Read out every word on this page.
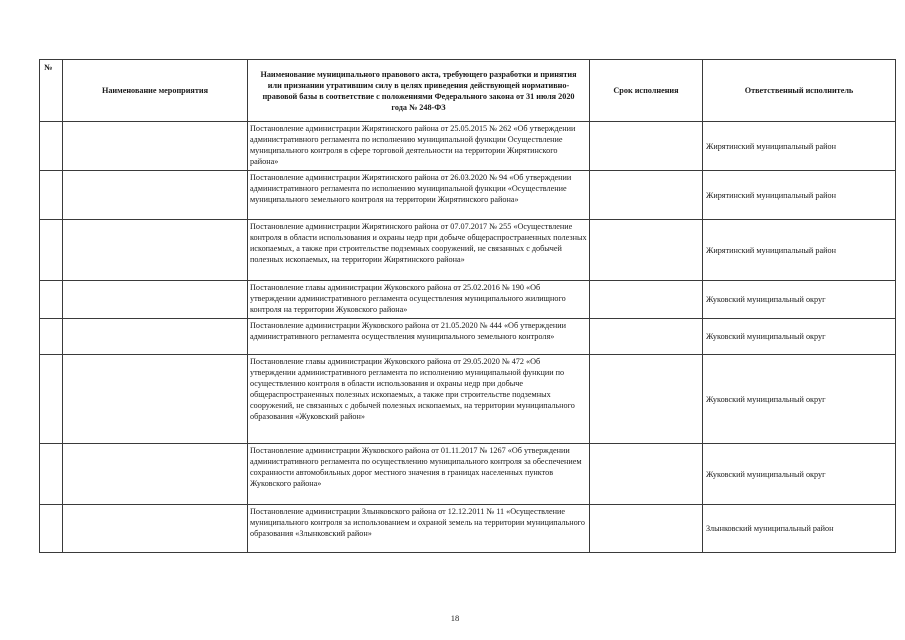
№	Наименование мероприятия	Наименование муниципального правового акта, требующего разработки и принятия или признании утратившим силу в целях приведения действующей нормативно-правовой базы в соответствие с положениями Федерального закона от 31 июля 2020 года № 248-ФЗ	Срок исполнения	Ответственный исполнитель
		Постановление администрации Жирятинского района от 25.05.2015 № 262 «Об утверждении административного регламента по исполнению муниципальной функции Осуществление муниципального контроля в сфере торговой деятельности на территории Жирятинского района»		Жирятинский муниципальный район
		Постановление администрации Жирятинского района от 26.03.2020 № 94 «Об утверждении административного регламента по исполнению муниципальной функции «Осуществление муниципального земельного контроля на территории Жирятинского района»		Жирятинский муниципальный район
		Постановление администрации Жирятинского района от 07.07.2017 № 255 «Осуществление контроля в области использования и охраны недр при добыче общераспространенных полезных ископаемых, а также при строительстве подземных сооружений, не связанных с добычей полезных ископаемых, на территории Жирятинского района»		Жирятинский муниципальный район
		Постановление главы администрации Жуковского района от 25.02.2016 № 190 «Об утверждении административного регламента осуществления муниципального жилищного контроля на территории Жуковского района»		Жуковский муниципальный округ
		Постановление администрации Жуковского района от 21.05.2020 № 444 «Об утверждении административного регламента осуществления муниципального земельного контроля»		Жуковский муниципальный округ
		Постановление главы администрации Жуковского района от 29.05.2020 № 472 «Об утверждении административного регламента по исполнению муниципальной функции по осуществлению контроля в области использования и охраны недр при добыче общераспространенных полезных ископаемых, а также при строительстве подземных сооружений, не связанных с добычей полезных ископаемых, на территории муниципального образования «Жуковский район»		Жуковский муниципальный округ
		Постановление администрации Жуковского района от 01.11.2017 № 1267 «Об утверждении административного регламента по осуществлению муниципального контроля за обеспечением сохранности автомобильных дорог местного значения в границах населенных пунктов Жуковского района»		Жуковский муниципальный округ
		Постановление администрации Злынковского района от 12.12.2011 № 11 «Осуществление муниципального контроля за использованием и охраной земель на территории муниципального образования «Злынковский район»		Злынковский муниципальный район
18
